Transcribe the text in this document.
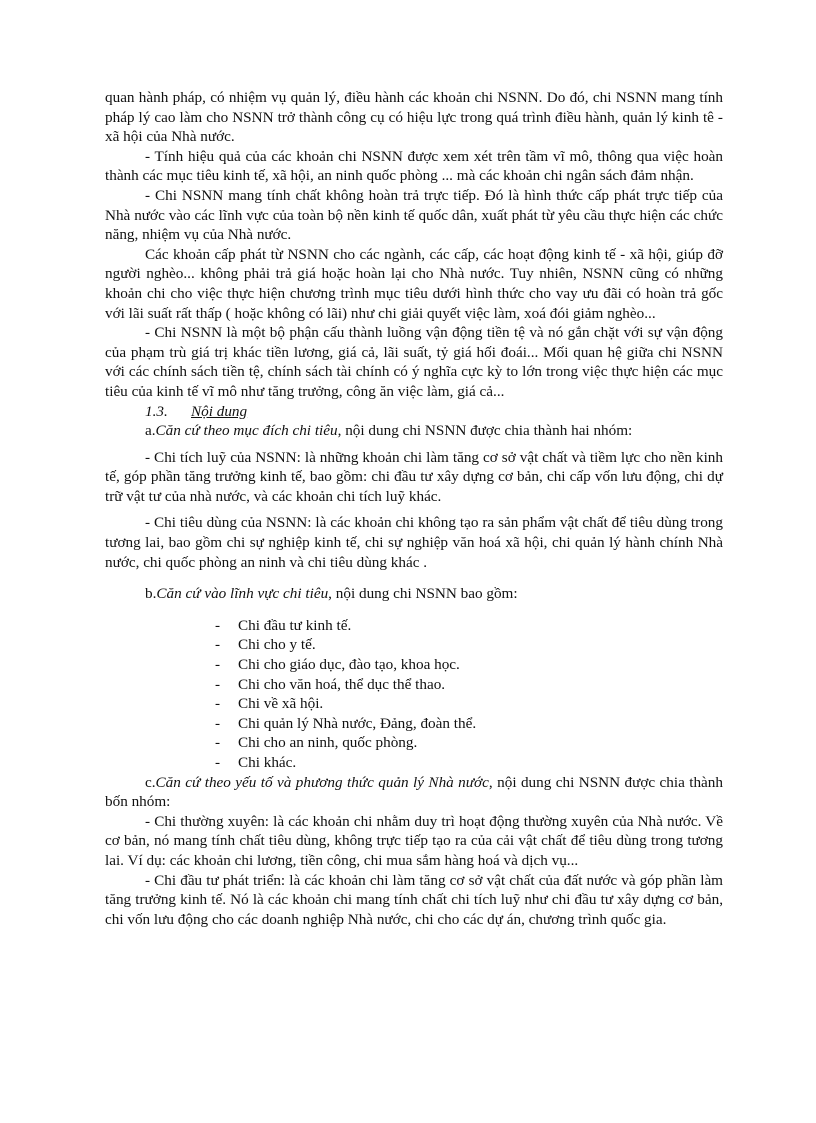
quan hành pháp, có nhiệm vụ quản lý, điều hành các khoản chi NSNN. Do đó, chi NSNN mang tính pháp lý cao làm cho NSNN trở thành công cụ có hiệu lực trong quá trình điều hành, quản lý kinh tê - xã hội của Nhà nước.

- Tính hiệu quả của các khoản chi NSNN được xem xét trên tầm vĩ mô, thông qua việc hoàn thành các mục tiêu kinh tế, xã hội, an ninh quốc phòng ... mà các khoản chi ngân sách đảm nhận.

- Chi NSNN mang tính chất không hoàn trả trực tiếp. Đó là hình thức cấp phát trực tiếp của Nhà nước vào các lĩnh vực của toàn bộ nền kinh tế quốc dân, xuất phát từ yêu cầu thực hiện các chức năng, nhiệm vụ của Nhà nước.

Các khoản cấp phát từ NSNN cho các ngành, các cấp, các hoạt động kinh tế - xã hội, giúp đỡ người nghèo... không phải trả giá hoặc hoàn lại cho Nhà nước. Tuy nhiên, NSNN cũng có những khoản chi cho việc thực hiện chương trình mục tiêu dưới hình thức cho vay ưu đãi có hoàn trả gốc với lãi suất rất thấp ( hoặc không có lãi) như chi giải quyết việc làm, xoá đói giảm nghèo...

- Chi NSNN là một bộ phận cấu thành luồng vận động tiền tệ và nó gắn chặt với sự vận động của phạm trù giá trị khác tiền lương, giá cả, lãi suất, tỷ giá hối đoái... Mối quan hệ giữa chi NSNN với các chính sách tiền tệ, chính sách tài chính có ý nghĩa cực kỳ to lớn trong việc thực hiện các mục tiêu của kinh tế vĩ mô như tăng trưởng, công ăn việc làm, giá cả...

1.3. Nội dung

a.Căn cứ theo mục đích chi tiêu, nội dung chi NSNN được chia thành hai nhóm:

- Chi tích luỹ của NSNN: là những khoản chi làm tăng cơ sở vật chất và tiềm lực cho nền kinh tế, góp phần tăng trưởng kinh tế, bao gồm: chi đầu tư xây dựng cơ bản, chi cấp vốn lưu động, chi dự trữ vật tư của nhà nước, và các khoản chi tích luỹ khác.

- Chi tiêu dùng của NSNN: là các khoản chi không tạo ra sản phẩm vật chất để tiêu dùng trong tương lai, bao gồm chi sự nghiệp kinh tế, chi sự nghiệp văn hoá xã hội, chi quản lý hành chính Nhà nước, chi quốc phòng an ninh và chi tiêu dùng khác .

b.Căn cứ vào lĩnh vực chi tiêu, nội dung chi NSNN bao gồm:

- Chi đầu tư kinh tế.
- Chi cho y tế.
- Chi cho giáo dục, đào tạo, khoa học.
- Chi cho văn hoá, thể dục thể thao.
- Chi về xã hội.
- Chi quản lý Nhà nước, Đảng, đoàn thể.
- Chi cho an ninh, quốc phòng.
- Chi khác.

c.Căn cứ theo yếu tố và phương thức quản lý Nhà nước, nội dung chi NSNN được chia thành bốn nhóm:

- Chi thường xuyên: là các khoản chi nhằm duy trì hoạt động thường xuyên của Nhà nước. Về cơ bản, nó mang tính chất tiêu dùng, không trực tiếp tạo ra của cải vật chất để tiêu dùng trong tương lai. Ví dụ: các khoản chi lương, tiền công, chi mua sắm hàng hoá và dịch vụ...

- Chi đầu tư phát triển: là các khoản chi làm tăng cơ sở vật chất của đất nước và góp phần làm tăng trưởng kinh tế. Nó là các khoản chi mang tính chất chi tích luỹ như chi đầu tư xây dựng cơ bản, chi vốn lưu động cho các doanh nghiệp Nhà nước, chi cho các dự án, chương trình quốc gia.
